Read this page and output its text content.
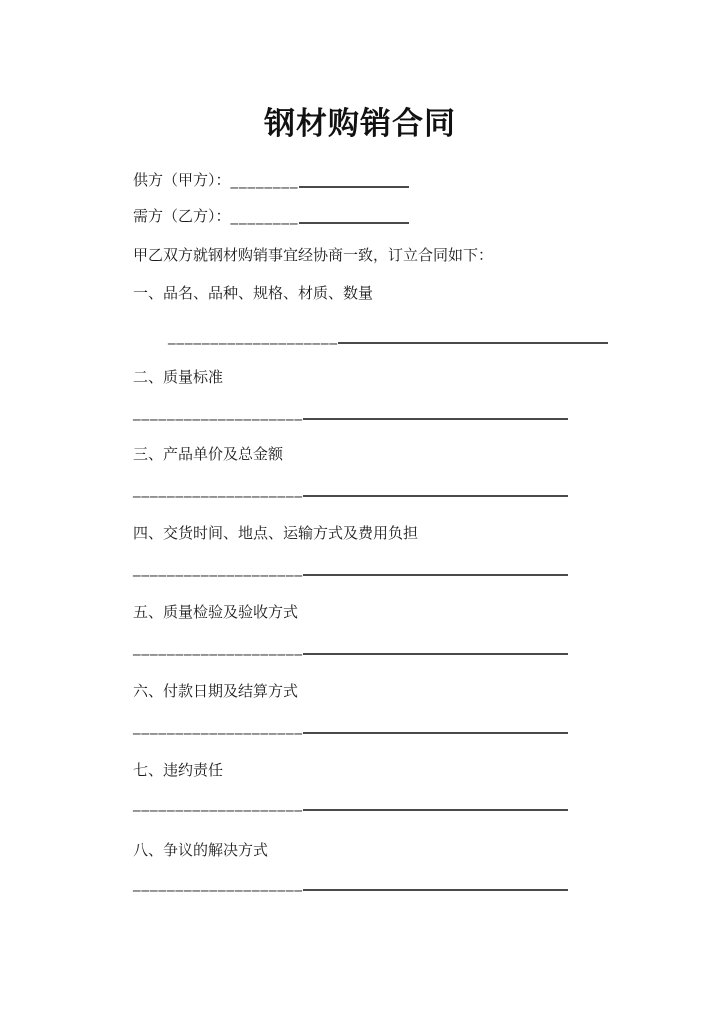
钢材购销合同
供方（甲方）： ________
需方（乙方）： ________

甲乙双方就钢材购销事宜经协商一致，订立合同如下：

一、品名、品种、规格、材质、数量

____________________

二、质量标准

____________________

三、产品单价及总金额

____________________

四、交货时间、地点、运输方式及费用负担

____________________

五、质量检验及验收方式

____________________

六、付款日期及结算方式

____________________

七、违约责任

____________________

八、争议的解决方式

____________________
